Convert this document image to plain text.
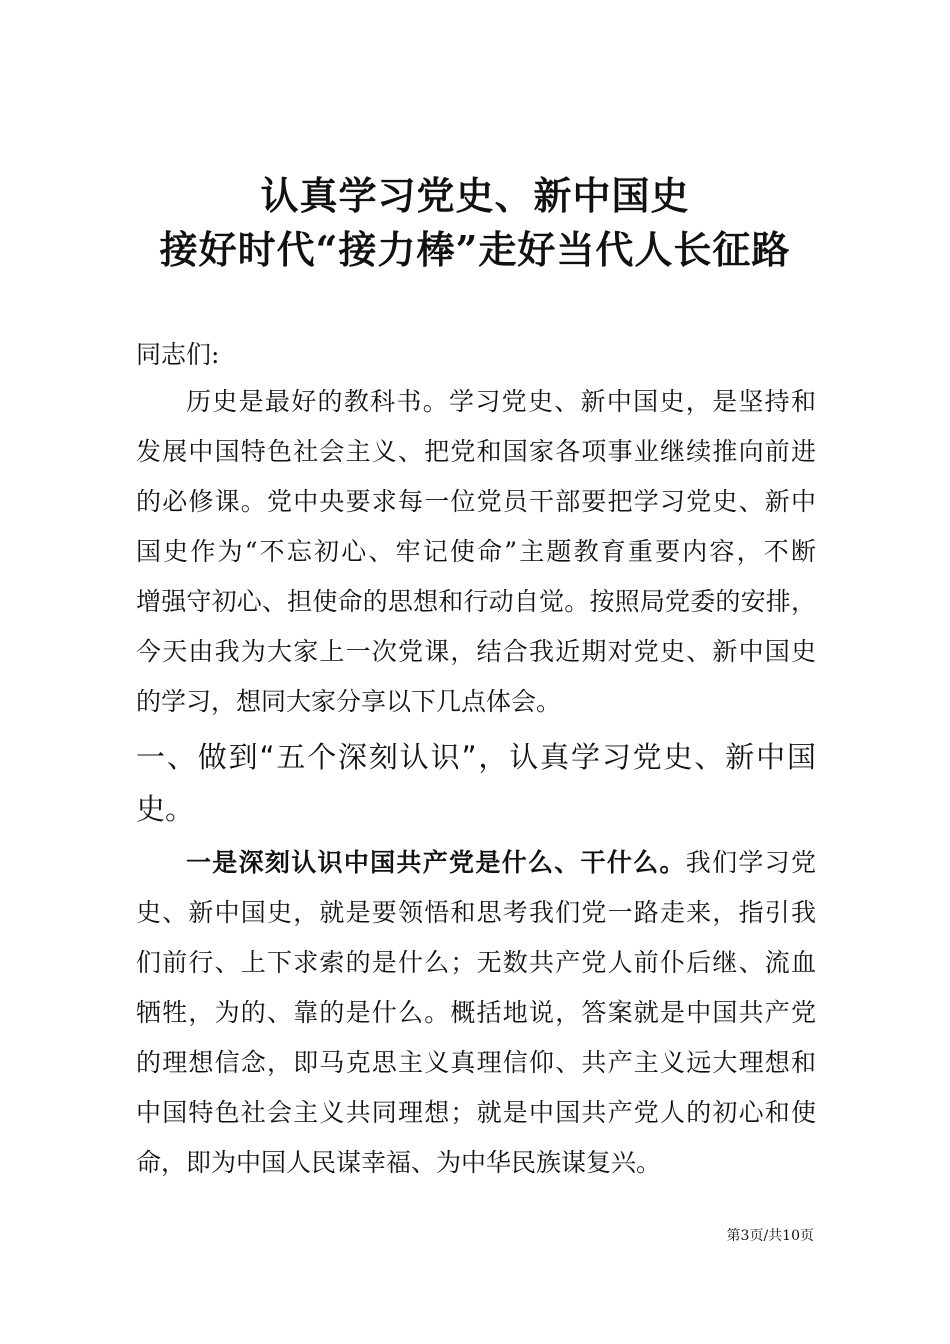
认真学习党史、新中国史
接好时代“接力棒”走好当代人长征路
同志们:
历史是最好的教科书。学习党史、新中国史，是坚持和
发展中国特色社会主义、把党和国家各项事业继续推向前进
的必修课。党中央要求每一位党员干部要把学习党史、新中
国史作为“不忘初心、牢记使命”主题教育重要内容，不断
增强守初心、担使命的思想和行动自觉。按照局党委的安排，
今天由我为大家上一次党课，结合我近期对党史、新中国史
的学习，想同大家分享以下几点体会。
一、做到“五个深刻认识”，认真学习党史、新中国
史。
一是深刻认识中国共产党是什么、干什么。我们学习党
史、新中国史，就是要领悟和思考我们党一路走来，指引我
们前行、上下求索的是什么；无数共产党人前仆后继、流血
牺牲，为的、靠的是什么。概括地说，答案就是中国共产党
的理想信念，即马克思主义真理信仰、共产主义远大理想和
中国特色社会主义共同理想；就是中国共产党人的初心和使
命，即为中国人民谋幸福、为中华民族谋复兴。
第3页/共10页
